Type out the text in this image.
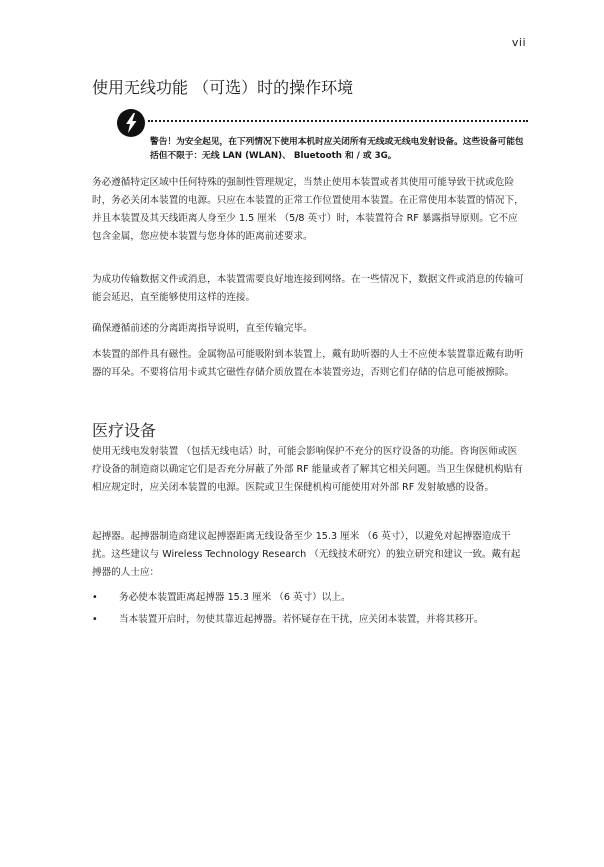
vii
使用无线功能 （可选）时的操作环境

警告！为安全起见，在下列情况下使用本机时应关闭所有无线或无线电发射设备。这些设备可能包括但不限于：无线 LAN (WLAN)、 Bluetooth 和 / 或 3G。

务必遵循特定区域中任何特殊的强制性管理规定，当禁止使用本装置或者其使用可能导致干扰或危险时，务必关闭本装置的电源。只应在本装置的正常工作位置使用本装置。在正常使用本装置的情况下，并且本装置及其天线距离人身至少 1.5 厘米 （5/8 英寸）时，本装置符合 RF 暴露指导原则。它不应包含金属，您应使本装置与您身体的距离前述要求。

为成功传输数据文件或消息，本装置需要良好地连接到网络。在一些情况下，数据文件或消息的传输可能会延迟，直至能够使用这样的连接。

确保遵循前述的分离距离指导说明，直至传输完毕。

本装置的部件具有磁性。金属物品可能吸附到本装置上，戴有助听器的人士不应使本装置靠近戴有助听器的耳朵。不要将信用卡或其它磁性存储介质放置在本装置旁边，否则它们存储的信息可能被擦除。

医疗设备

使用无线电发射装置 （包括无线电话）时，可能会影响保护不充分的医疗设备的功能。咨询医师或医疗设备的制造商以确定它们是否充分屏蔽了外部 RF 能量或者了解其它相关问题。当卫生保健机构贴有相应规定时，应关闭本装置的电源。医院或卫生保健机构可能使用对外部 RF 发射敏感的设备。

起搏器。起搏器制造商建议起搏器距离无线设备至少 15.3 厘米 （6 英寸），以避免对起搏器造成干扰。这些建议与 Wireless Technology Research （无线技术研究）的独立研究和建议一致。戴有起搏器的人士应：

• 务必使本装置距离起搏器 15.3 厘米 （6 英寸）以上。
• 当本装置开启时，勿使其靠近起搏器。若怀疑存在干扰，应关闭本装置，并将其移开。
